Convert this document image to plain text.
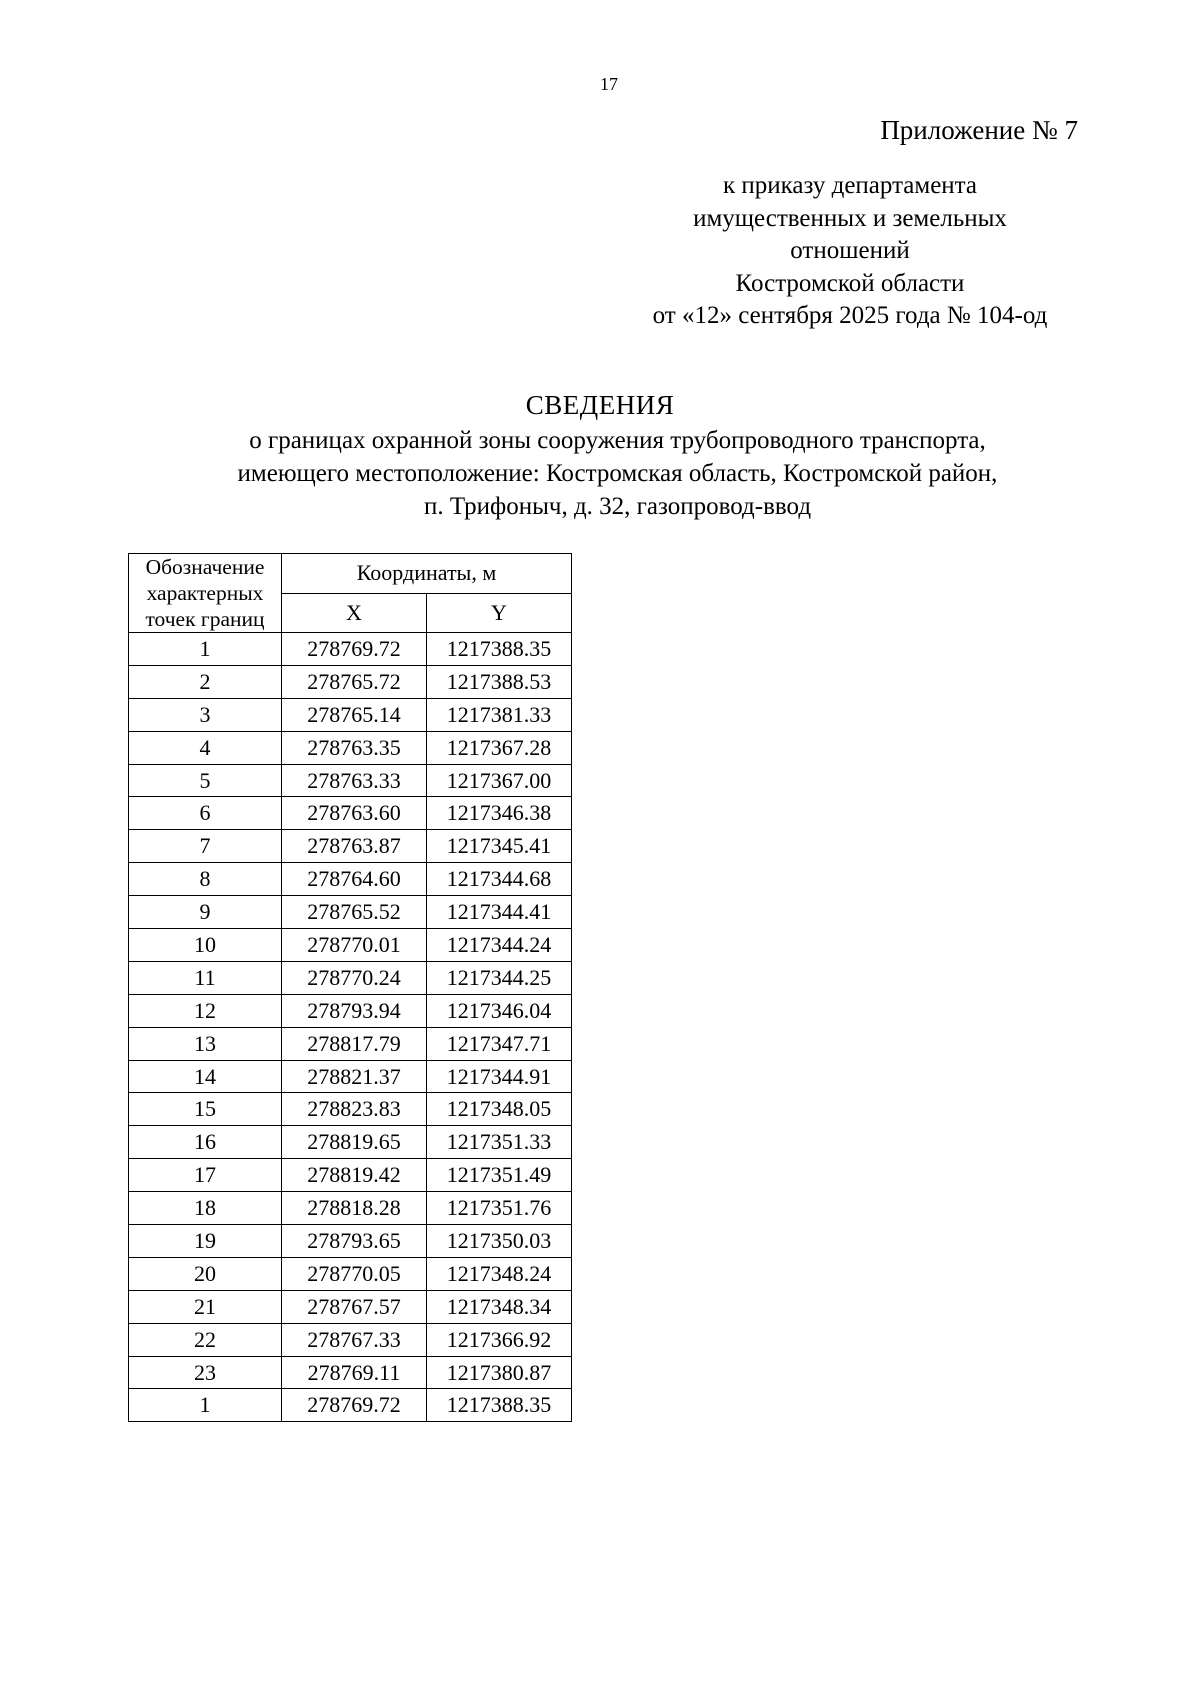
17
Приложение № 7
к приказу департамента
имущественных и земельных
отношений
Костромской области
от «12» сентября 2025 года № 104-од
СВЕДЕНИЯ
о границах охранной зоны сооружения трубопроводного транспорта,
имеющего местоположение: Костромская область, Костромской район,
п. Трифоныч, д. 32, газопровод-ввод
Обозначение
характерных
точек границ	Координаты, м	
	X	Y
1	278769.72	1217388.35
2	278765.72	1217388.53
3	278765.14	1217381.33
4	278763.35	1217367.28
5	278763.33	1217367.00
6	278763.60	1217346.38
7	278763.87	1217345.41
8	278764.60	1217344.68
9	278765.52	1217344.41
10	278770.01	1217344.24
11	278770.24	1217344.25
12	278793.94	1217346.04
13	278817.79	1217347.71
14	278821.37	1217344.91
15	278823.83	1217348.05
16	278819.65	1217351.33
17	278819.42	1217351.49
18	278818.28	1217351.76
19	278793.65	1217350.03
20	278770.05	1217348.24
21	278767.57	1217348.34
22	278767.33	1217366.92
23	278769.11	1217380.87
1	278769.72	1217388.35
